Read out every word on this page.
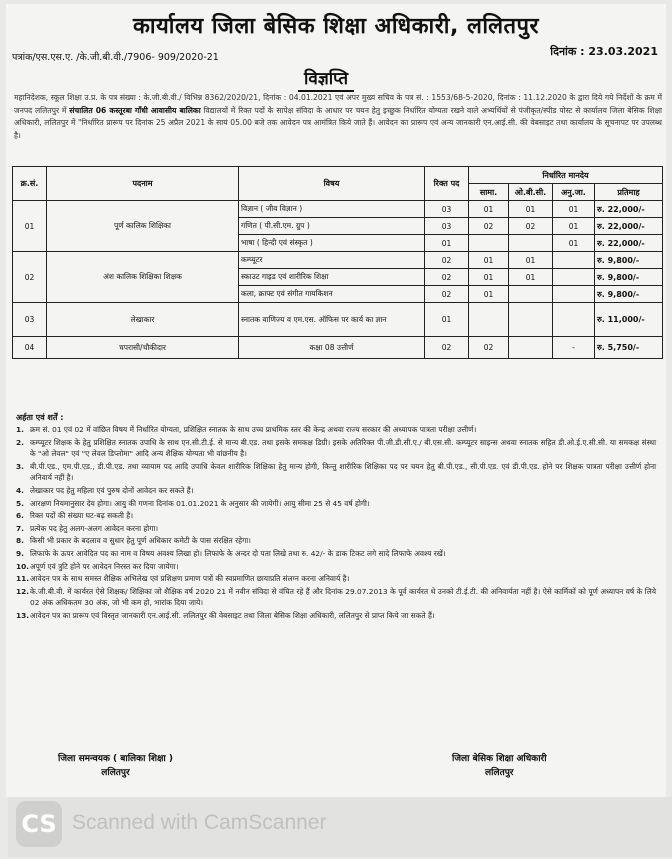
कार्यालय जिला बेसिक शिक्षा अधिकारी, ललितपुर
पत्रांक/एस.एस.ए. /के.जी.बी.वी./7906- 909/2020-21	दिनांक : 23.03.2021
विज्ञप्ति
महानिदेशक, स्कूल शिक्षा उ.प्र. के पत्र संख्या : के.जी.बी.वी./ विभिन्न 8362/2020/21, दिनांक : 04.01.2021 एवं अपर मुख्य सचिव के पत्र सं. : 1553/68-5-2020, दिनांक : 11.12.2020 के द्वारा दिये गये निर्देशों के क्रम में जनपद ललितपुर में संचालित 06 कस्तूरबा गाँधी आवासीय बालिका विद्यालयों में रिक्त पदों के सापेक्ष संविदा के आधार पर चयन हेतु इच्छुक निर्धारित योग्यता रखने वाले अभ्यर्थियों से पंजीकृत/स्पीड पोस्ट से कार्यालय जिला बेसिक शिक्षा अधिकारी, ललितपुर में "निर्धारित प्रारूप पर दिनांक 25 अप्रैल 2021 के सायं 05.00 बजे तक आवेदन पत्र आमंत्रित किये जाते हैं। आवेदन का प्रारूप एवं अन्य जानकारी एन.आई.सी. की वेबसाइट तथा कार्यालय के सूचनापट पर उपलब्ध है।
क्र.सं.	पदनाम	विषय	रिक्त पद	निर्धारित मानदेय			
				सामा.	ओ.बी.सी.	अनु.जा.	प्रतिमाह
01	पूर्ण कालिक शिक्षिका	विज्ञान ( जीव विज्ञान )	03	01	01	01	रु. 22,000/-
		गणित ( पी.सी.एम. ग्रुप )	03	02	02	01	रु. 22,000/-
		भाषा ( हिन्दी एवं संस्कृत )	01			01	रु. 22,000/-
02	अंश कालिक शिक्षिका शिक्षक	कम्प्यूटर	02	01	01		रु. 9,800/-
		स्काउट गाइड एवं शारीरिक शिक्षा	02	01	01		रु. 9,800/-
		कला, क्राफ्ट एवं संगीत गायकिशन	02	01			रु. 9,800/-
03	लेखाकार	स्नातक वाणिज्य व एम.एस. ऑफिस पर कार्य का ज्ञान	01				रु. 11,000/-
04	चपरासी/चौकीदार	कक्षा 08 उत्तीर्ण	02	02		-	रु. 5,750/-
अर्हता एवं शर्तें :
1. क्रम सं. 01 एवं 02 में वांछित विषय में निर्धारित योग्यता, प्रशिक्षित स्नातक के साथ उच्च प्राथमिक स्तर की केन्द्र अथवा राज्य सरकार की अध्यापक पात्रता परीक्षा उत्तीर्ण।
2. कम्प्यूटर शिक्षक के हेतु प्रशिक्षित स्नातक उपाधि के साथ एन.सी.टी.ई. से मान्य बी.एड. तथा इसके समकक्ष डिग्री। इसके अतिरिक्त पी.जी.डी.सी.ए./ बी.एस.सी. कम्प्यूटर साइन्स अथवा स्नातक सहित डी.ओ.ई.ए.सी.सी. या समकक्ष संस्था के "ओ लेवल" एवं "ए लेवल डिप्लोमा" आदि अन्य शैक्षिक योग्यता भी वांछनीय है।
3. बी.पी.एड., एम.पी.एड., डी.पी.एड. तथा व्यायाम पद आदि उपाधि केवल शारीरिक शिक्षिका हेतु मान्य होगी, किन्तु शारीरिक शिक्षिका पद पर चयन हेतु बी.पी.एड., सी.पी.एड. एवं डी.पी.एड. होने पर शिक्षक पात्रता परीक्षा उत्तीर्ण होना अनिवार्य नहीं है।
4. लेखाकार पद हेतु महिला एवं पुरुष दोनों आवेदन कर सकते हैं।
5. आरक्षण नियमानुसार देय होगा। आयु की गणना दिनांक 01.01.2021 के अनुसार की जायेगी। आयु सीमा 25 से 45 वर्ष होगी।
6. रिक्त पदों की संख्या घट-बढ़ सकती है।
7. प्रत्येक पद हेतु अलग-अलग आवेदन करना होगा।
8. किसी भी प्रकार के बदलाव व सुधार हेतु पूर्ण अधिकार कमेटी के पास संरक्षित रहेगा।
9. लिफाफे के ऊपर आवेदित पद का नाम व विषय अवश्य लिखा हो। लिफाफे के अन्दर दो पता लिखे तथा रु. 42/- के डाक टिकट लगे सादे लिफाफे अवश्य रखें।
10. अपूर्ण एवं त्रुटि होने पर आवेदन निरस्त कर दिया जायेगा।
11. आवेदन पत्र के साथ समस्त शैक्षिक अभिलेख एवं प्रशिक्षण प्रमाण पत्रों की स्वप्रमाणित छायाप्रति संलग्न करना अनिवार्य है।
12. के.जी.बी.वी. में कार्यरत ऐसे शिक्षक/ शिक्षिका जो शैक्षिक वर्ष 2020 21 में नवीन संविदा से वंचित रहे हैं और दिनांक 29.07.2013 के पूर्व कार्यरत थे उनको टी.ई.टी. की अनिवार्यता नहीं है। ऐसे कार्मिकों को पूर्ण अध्यापन वर्ष के लिये 02 अंक अधिकतम 30 अंक, जो भी कम हो, भारांक दिया जाये।
13. आवेदन पत्र का प्रारूप एवं विस्तृत जानकारी एन.आई.सी. ललितपुर की वेबसाइट तथा जिला बेसिक शिक्षा अधिकारी, ललितपुर से प्राप्त किये जा सकते हैं।
जिला समन्वयक ( बालिका शिक्षा )
ललितपुर
जिला बेसिक शिक्षा अधिकारी
ललितपुर
CS Scanned with CamScanner
